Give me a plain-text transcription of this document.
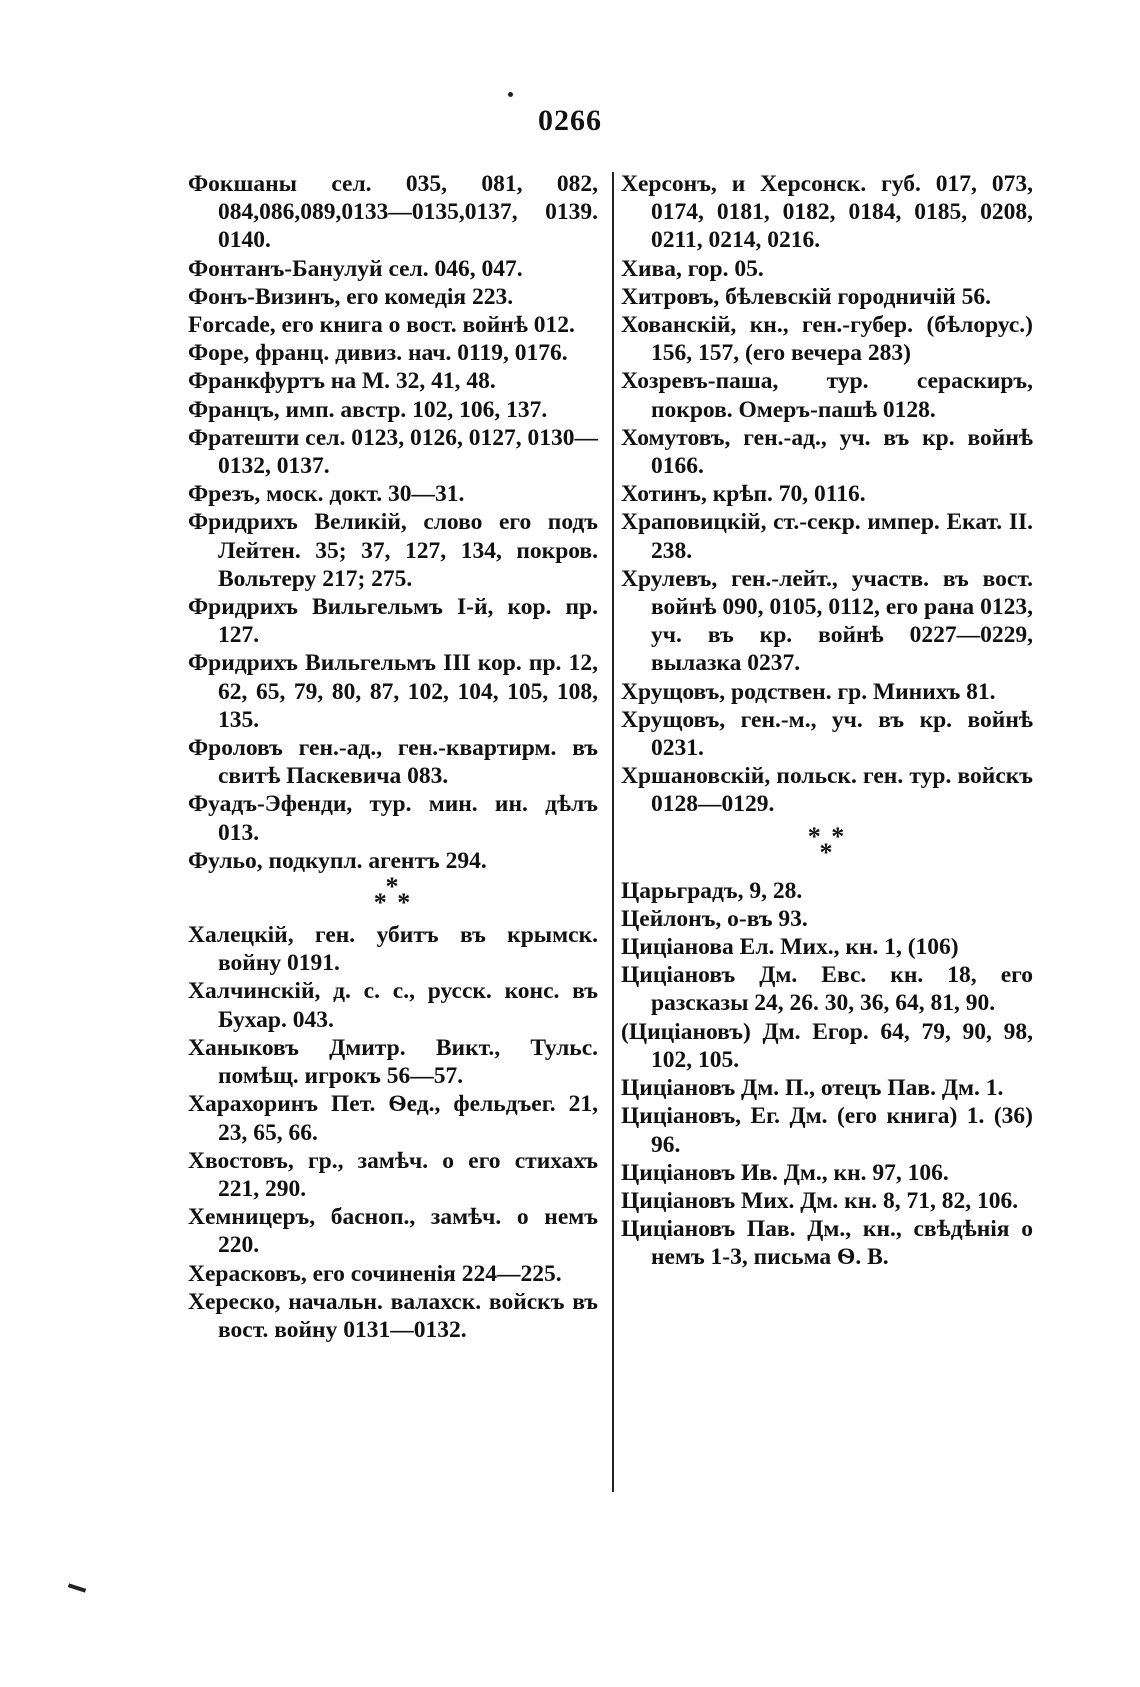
0266

Фокшаны сел. 035, 081, 082, 084,086,089,0133—0135,0137, 0139. 0140.

Фонтанъ-Банулуй сел. 046, 047.

Фонъ-Визинъ, его комедія 223.

Forcade, его книга о вост. войнѣ 012.

Форе, франц. дивиз. нач. 0119, 0176.

Франкфуртъ на М. 32, 41, 48.

Францъ, имп. австр. 102, 106, 137.

Фратешти сел. 0123, 0126, 0127, 0130—0132, 0137.

Фрезъ, моск. докт. 30—31.

Фридрихъ Великій, слово его подъ Лейтен. 35; 37, 127, 134, покров. Вольтеру 217; 275.

Фридрихъ Вильгельмъ I-й, кор. пр. 127.

Фридрихъ Вильгельмъ III кор. пр. 12, 62, 65, 79, 80, 87, 102, 104, 105, 108, 135.

Фроловъ ген.-ад., ген.-квартирм. въ свитѣ Паскевича 083.

Фуадъ-Эфенди, тур. мин. ин. дѣлъ 013.

Фульо, подкупл. агентъ 294.

*
* *

Халецкій, ген. убитъ въ крымск. войну 0191.

Халчинскій, д. с. с., русск. конс. въ Бухар. 043.

Ханыковъ Дмитр. Викт., Тульс. помѣщ. игрокъ 56—57.

Харахоринъ Пет. Ѳед., фельдъег. 21, 23, 65, 66.

Хвостовъ, гр., замѣч. о его стихахъ 221, 290.

Хемницеръ, басноп., замѣч. о немъ 220.

Херасковъ, его сочиненія 224—225.

Хереско, начальн. валахск. войскъ въ вост. войну 0131—0132.

Херсонъ, и Херсонск. губ. 017, 073, 0174, 0181, 0182, 0184, 0185, 0208, 0211, 0214, 0216.

Хива, гор. 05.

Хитровъ, бѣлевскій городничій 56.

Хованскій, кн., ген.-губер. (бѣлорус.) 156, 157, (его вечера 283)

Хозревъ-паша, тур. сераскиръ, покров. Омеръ-пашѣ 0128.

Хомутовъ, ген.-ад., уч. въ кр. войнѣ 0166.

Хотинъ, крѣп. 70, 0116.

Храповицкій, ст.-секр. импер. Екат. II. 238.

Хрулевъ, ген.-лейт., участв. въ вост. войнѣ 090, 0105, 0112, его рана 0123, уч. въ кр. войнѣ 0227—0229, вылазка 0237.

Хрущовъ, родствен. гр. Минихъ 81.

Хрущовъ, ген.-м., уч. въ кр. войнѣ 0231.

Хршановскій, польск. ген. тур. войскъ 0128—0129.

* *
*

Царьградъ, 9, 28.

Цейлонъ, о-въ 93.

Цицiанова Ел. Мих., кн. 1, (106)

Цицiановъ Дм. Евс. кн. 18, его разсказы 24, 26. 30, 36, 64, 81, 90.

(Цицiановъ) Дм. Егор. 64, 79, 90, 98, 102, 105.

Цицiановъ Дм. П., отецъ Пав. Дм. 1.

Цицiановъ, Ег. Дм. (его книга) 1. (36) 96.

Цицiановъ Ив. Дм., кн. 97, 106.

Цицiановъ Мих. Дм. кн. 8, 71, 82, 106.

Цицiановъ Пав. Дм., кн., свѣдѣнія о немъ 1-3, письма Ѳ. В.
